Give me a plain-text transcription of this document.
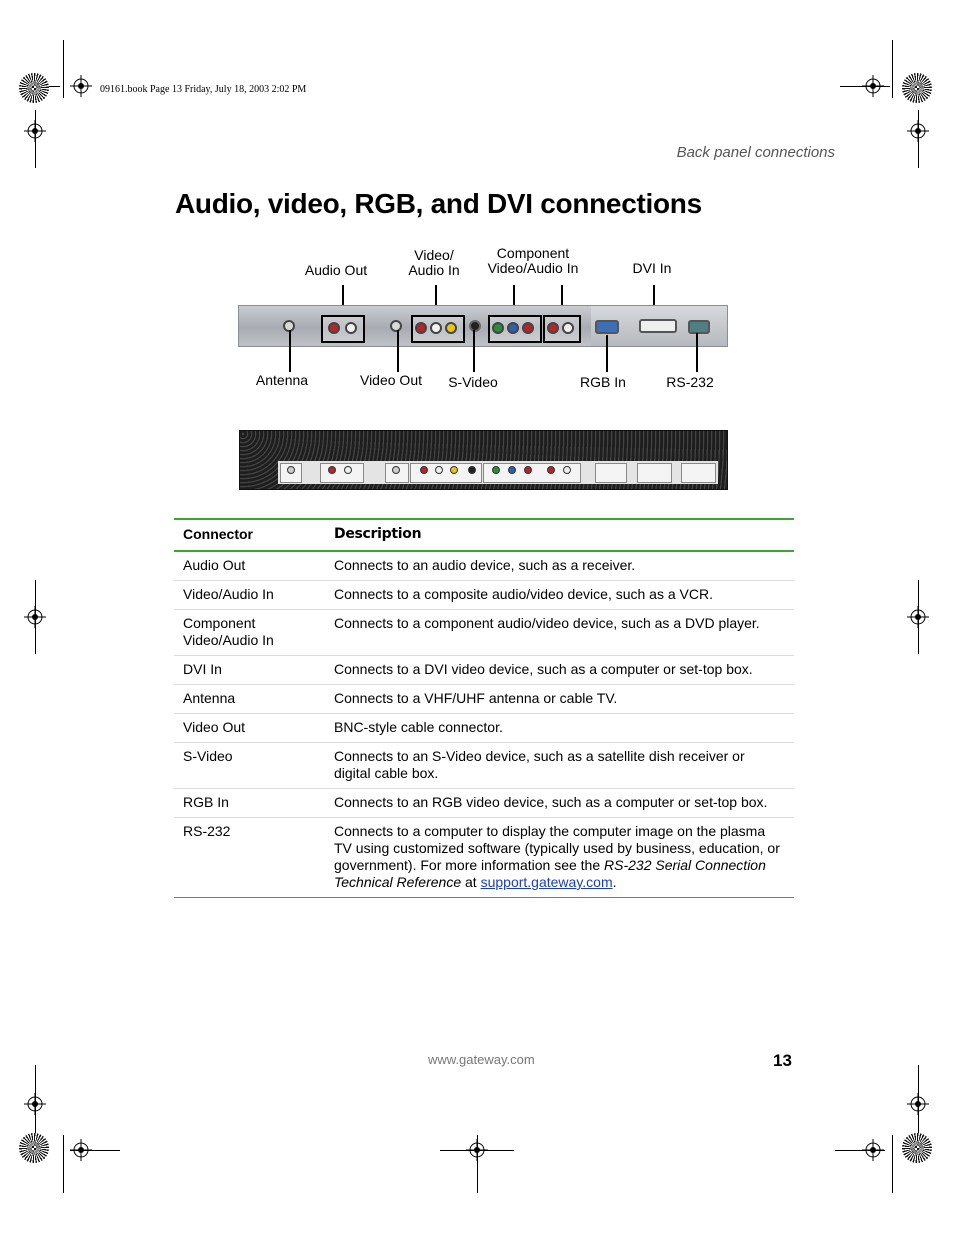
09161.book Page 13 Friday, July 18, 2003 2:02 PM
Back panel connections
Audio, video, RGB, and DVI connections
Audio Out
Video/ Audio In
Component Video/Audio In	DVI In
Antenna	Video Out	S-Video	RGB In	RS-232
Connector	Description
Audio Out	Connects to an audio device, such as a receiver.
Video/Audio In	Connects to a composite audio/video device, such as a VCR.
Component Video/Audio In	Connects to a component audio/video device, such as a DVD player.
DVI In	Connects to a DVI video device, such as a computer or set-top box.
Antenna	Connects to a VHF/UHF antenna or cable TV.
Video Out	BNC-style cable connector.
S-Video	Connects to an S-Video device, such as a satellite dish receiver or digital cable box.
RGB In	Connects to an RGB video device, such as a computer or set-top box.
RS-232	Connects to a computer to display the computer image on the plasma TV using customized software (typically used by business, education, or government). For more information see the RS-232 Serial Connection Technical Reference at support.gateway.com.
www.gateway.com	13
